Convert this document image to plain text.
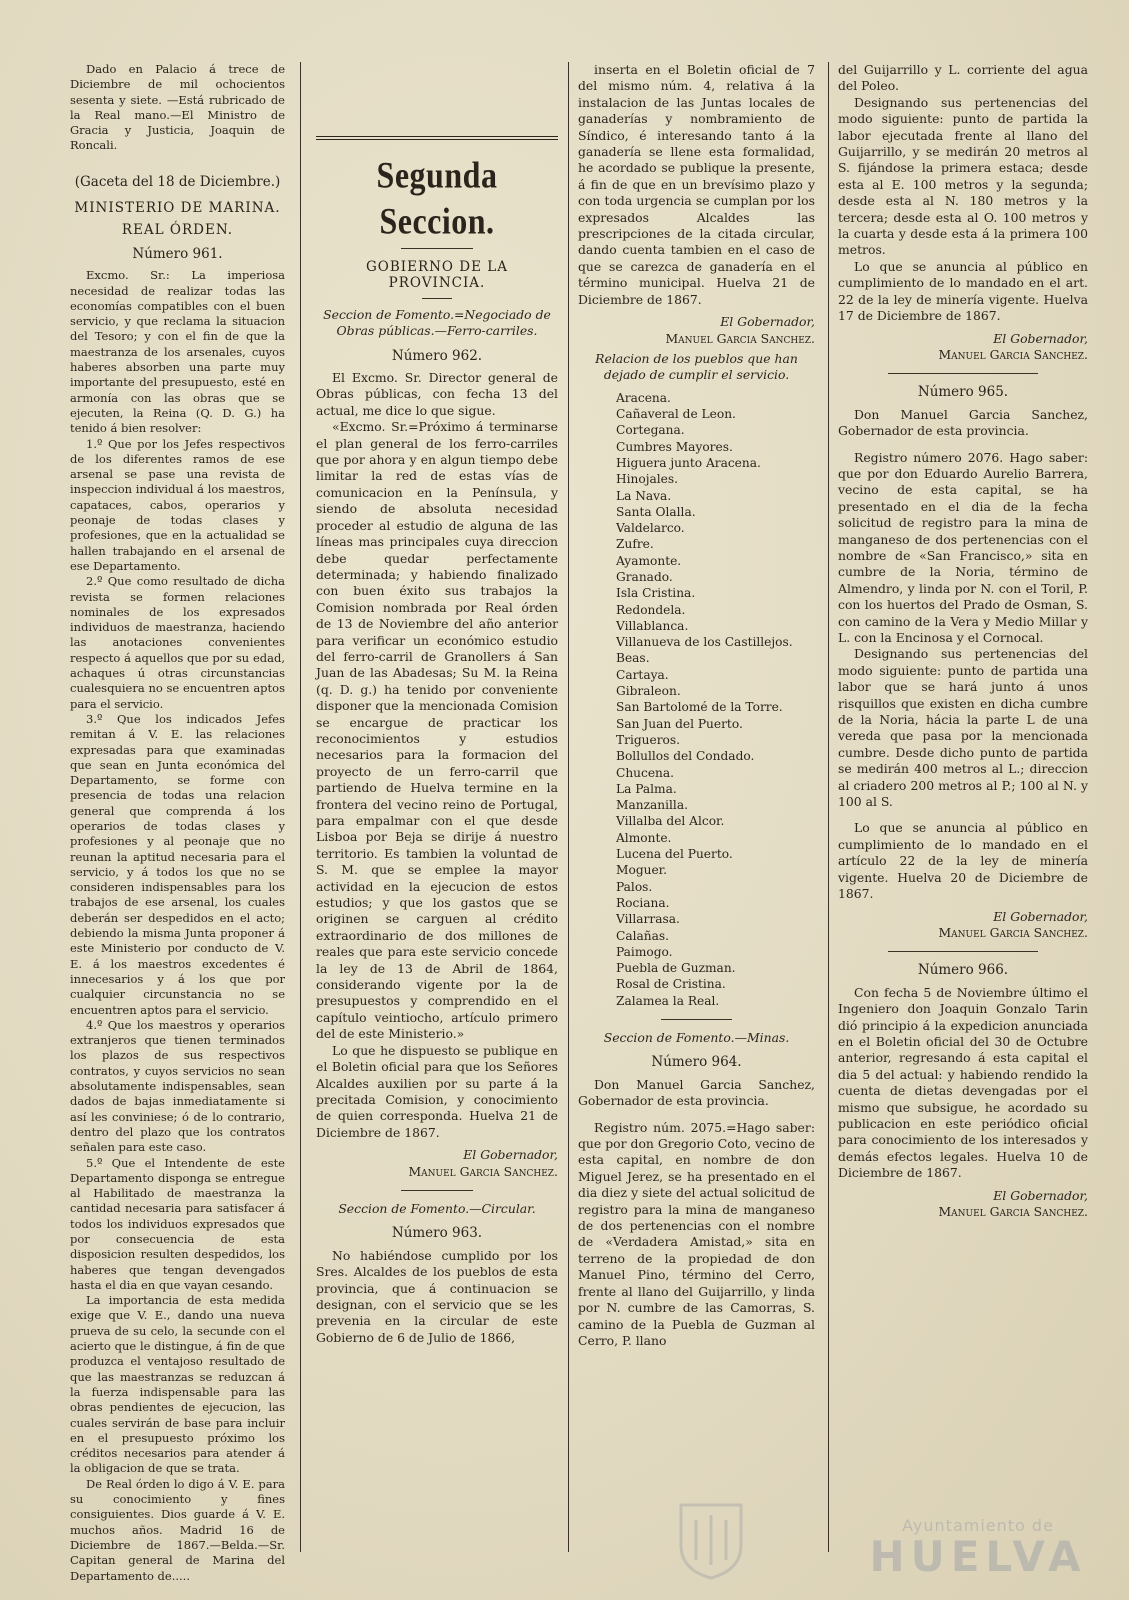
Dado en Palacio á trece de Diciembre de mil ochocientos sesenta y siete. —Está rubricado de la Real mano.—El Ministro de Gracia y Justicia, Joaquin de Roncali.

(Gaceta del 18 de Diciembre.)

MINISTERIO DE MARINA.

REAL ÓRDEN.

Número 961.

Excmo. Sr.: La imperiosa necesidad de realizar todas las economías compatibles con el buen servicio, y que reclama la situacion del Tesoro; y con el fin de que la maestranza de los arsenales, cuyos haberes absorben una parte muy importante del presupuesto, esté en armonía con las obras que se ejecuten, la Reina (Q. D. G.) ha tenido á bien resolver:

1.º Que por los Jefes respectivos de los diferentes ramos de ese arsenal se pase una revista de inspeccion individual á los maestros, capataces, cabos, operarios y peonaje de todas clases y profesiones, que en la actualidad se hallen trabajando en el arsenal de ese Departamento.

2.º Que como resultado de dicha revista se formen relaciones nominales de los expresados individuos de maestranza, haciendo las anotaciones convenientes respecto á aquellos que por su edad, achaques ú otras circunstancias cualesquiera no se encuentren aptos para el servicio.

3.º Que los indicados Jefes remitan á V. E. las relaciones expresadas para que examinadas que sean en Junta económica del Departamento, se forme con presencia de todas una relacion general que comprenda á los operarios de todas clases y profesiones y al peonaje que no reunan la aptitud necesaria para el servicio, y á todos los que no se consideren indispensables para los trabajos de ese arsenal, los cuales deberán ser despedidos en el acto; debiendo la misma Junta proponer á este Ministerio por conducto de V. E. á los maestros excedentes é innecesarios y á los que por cualquier circunstancia no se encuentren aptos para el servicio.

4.º Que los maestros y operarios extranjeros que tienen terminados los plazos de sus respectivos contratos, y cuyos servicios no sean absolutamente indispensables, sean dados de bajas inmediatamente si así les conviniese; ó de lo contrario, dentro del plazo que los contratos señalen para este caso.

5.º Que el Intendente de este Departamento disponga se entregue al Habilitado de maestranza la cantidad necesaria para satisfacer á todos los individuos expresados que por consecuencia de esta disposicion resulten despedidos, los haberes que tengan devengados hasta el dia en que vayan cesando.

La importancia de esta medida exige que V. E., dando una nueva prueva de su celo, la secunde con el acierto que le distingue, á fin de que produzca el ventajoso resultado de que las maestranzas se reduzcan á la fuerza indispensable para las obras pendientes de ejecucion, las cuales servirán de base para incluir en el presupuesto próximo los créditos necesarios para atender á la obligacion de que se trata.

De Real órden lo digo á V. E. para su conocimiento y fines consiguientes. Dios guarde á V. E. muchos años. Madrid 16 de Diciembre de 1867.—Belda.—Sr. Capitan general de Marina del Departamento de.....

Segunda Seccion.

GOBIERNO DE LA PROVINCIA.

Seccion de Fomento.=Negociado de Obras públicas.—Ferro-carriles.

Número 962.

El Excmo. Sr. Director general de Obras públicas, con fecha 13 del actual, me dice lo que sigue.

«Excmo. Sr.=Próximo á terminarse el plan general de los ferro-carriles que por ahora y en algun tiempo debe limitar la red de estas vías de comunicacion en la Península, y siendo de absoluta necesidad proceder al estudio de alguna de las líneas mas principales cuya direccion debe quedar perfectamente determinada; y habiendo finalizado con buen éxito sus trabajos la Comision nombrada por Real órden de 13 de Noviembre del año anterior para verificar un económico estudio del ferro-carril de Granollers á San Juan de las Abadesas; Su M. la Reina (q. D. g.) ha tenido por conveniente disponer que la mencionada Comision se encargue de practicar los reconocimientos y estudios necesarios para la formacion del proyecto de un ferro-carril que partiendo de Huelva termine en la frontera del vecino reino de Portugal, para empalmar con el que desde Lisboa por Beja se dirije á nuestro territorio. Es tambien la voluntad de S. M. que se emplee la mayor actividad en la ejecucion de estos estudios; y que los gastos que se originen se carguen al crédito extraordinario de dos millones de reales que para este servicio concede la ley de 13 de Abril de 1864, considerando vigente por la de presupuestos y comprendido en el capítulo veintiocho, artículo primero del de este Ministerio.»

Lo que he dispuesto se publique en el Boletin oficial para que los Señores Alcaldes auxilien por su parte á la precitada Comision, y conocimiento de quien corresponda. Huelva 21 de Diciembre de 1867.

El Gobernador,

Manuel Garcia Sanchez.

Seccion de Fomento.—Circular.

Número 963.

No habiéndose cumplido por los Sres. Alcaldes de los pueblos de esta provincia, que á continuacion se designan, con el servicio que se les prevenia en la circular de este Gobierno de 6 de Julio de 1866,

inserta en el Boletin oficial de 7 del mismo núm. 4, relativa á la instalacion de las Juntas locales de ganaderías y nombramiento de Síndico, é interesando tanto á la ganadería se llene esta formalidad, he acordado se publique la presente, á fin de que en un brevísimo plazo y con toda urgencia se cumplan por los expresados Alcaldes las prescripciones de la citada circular, dando cuenta tambien en el caso de que se carezca de ganadería en el término municipal. Huelva 21 de Diciembre de 1867.

El Gobernador,

Manuel Garcia Sanchez.

Relacion de los pueblos que han dejado de cumplir el servicio.

Aracena.
Cañaveral de Leon.
Cortegana.
Cumbres Mayores.
Higuera junto Aracena.
Hinojales.
La Nava.
Santa Olalla.
Valdelarco.
Zufre.
Ayamonte.
Granado.
Isla Cristina.
Redondela.
Villablanca.
Villanueva de los Castillejos.
Beas.
Cartaya.
Gibraleon.
San Bartolomé de la Torre.
San Juan del Puerto.
Trigueros.
Bollullos del Condado.
Chucena.
La Palma.
Manzanilla.
Villalba del Alcor.
Almonte.
Lucena del Puerto.
Moguer.
Palos.
Rociana.
Villarrasa.
Calañas.
Paimogo.
Puebla de Guzman.
Rosal de Cristina.
Zalamea la Real.

Seccion de Fomento.—Minas.

Número 964.

Don Manuel Garcia Sanchez, Gobernador de esta provincia.

Registro núm. 2075.=Hago saber: que por don Gregorio Coto, vecino de esta capital, en nombre de don Miguel Jerez, se ha presentado en el dia diez y siete del actual solicitud de registro para la mina de manganeso de dos pertenencias con el nombre de «Verdadera Amistad,» sita en terreno de la propiedad de don Manuel Pino, término del Cerro, frente al llano del Guijarrillo, y linda por N. cumbre de las Camorras, S. camino de la Puebla de Guzman al Cerro, P. llano

del Guijarrillo y L. corriente del agua del Poleo.

Designando sus pertenencias del modo siguiente: punto de partida la labor ejecutada frente al llano del Guijarrillo, y se medirán 20 metros al S. fijándose la primera estaca; desde esta al E. 100 metros y la segunda; desde esta al N. 180 metros y la tercera; desde esta al O. 100 metros y la cuarta y desde esta á la primera 100 metros.

Lo que se anuncia al público en cumplimiento de lo mandado en el art. 22 de la ley de minería vigente. Huelva 17 de Diciembre de 1867.

El Gobernador,

Manuel Garcia Sanchez.

Número 965.

Don Manuel Garcia Sanchez, Gobernador de esta provincia.

Registro número 2076. Hago saber: que por don Eduardo Aurelio Barrera, vecino de esta capital, se ha presentado en el dia de la fecha solicitud de registro para la mina de manganeso de dos pertenencias con el nombre de «San Francisco,» sita en cumbre de la Noria, término de Almendro, y linda por N. con el Toril, P. con los huertos del Prado de Osman, S. con camino de la Vera y Medio Millar y L. con la Encinosa y el Cornocal.

Designando sus pertenencias del modo siguiente: punto de partida una labor que se hará junto á unos risquillos que existen en dicha cumbre de la Noria, hácia la parte L de una vereda que pasa por la mencionada cumbre. Desde dicho punto de partida se medirán 400 metros al L.; direccion al criadero 200 metros al P.; 100 al N. y 100 al S.

Lo que se anuncia al público en cumplimiento de lo mandado en el artículo 22 de la ley de minería vigente. Huelva 20 de Diciembre de 1867.

El Gobernador,

Manuel Garcia Sanchez.

Número 966.

Con fecha 5 de Noviembre último el Ingeniero don Joaquin Gonzalo Tarin dió principio á la expedicion anunciada en el Boletin oficial del 30 de Octubre anterior, regresando á esta capital el dia 5 del actual: y habiendo rendido la cuenta de dietas devengadas por el mismo que subsigue, he acordado su publicacion en este periódico oficial para conocimiento de los interesados y demás efectos legales. Huelva 10 de Diciembre de 1867.

El Gobernador,

Manuel Garcia Sanchez.

Ayuntamiento de
HUELVA
